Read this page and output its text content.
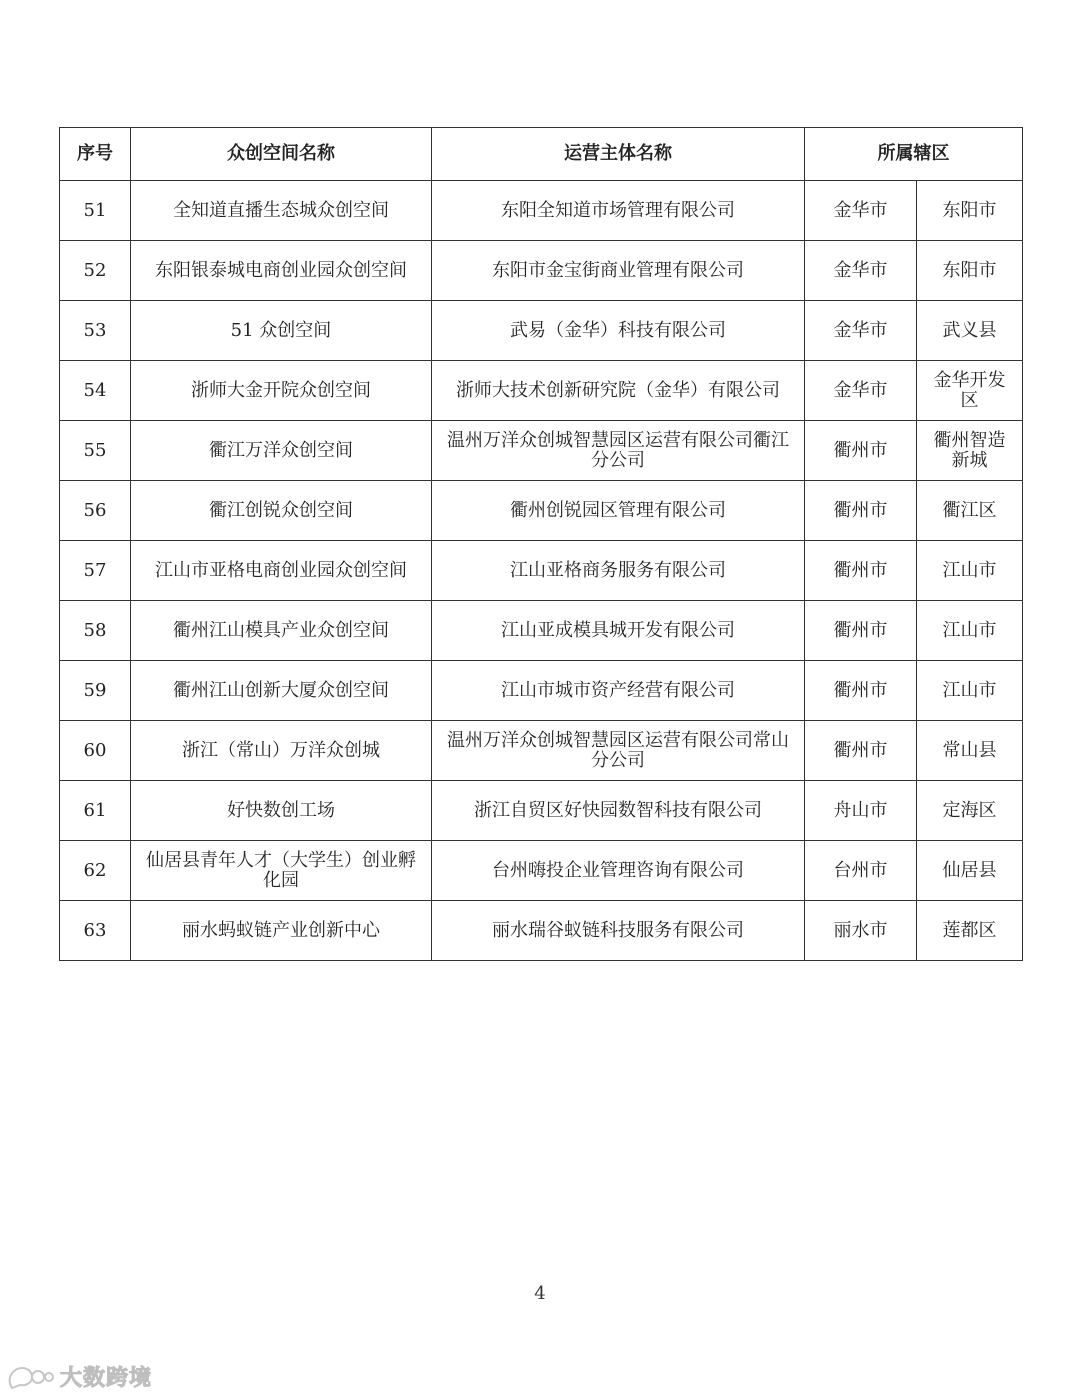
序号	众创空间名称	运营主体名称	所属辖区	
51	全知道直播生态城众创空间	东阳全知道市场管理有限公司	金华市	东阳市
52	东阳银泰城电商创业园众创空间	东阳市金宝街商业管理有限公司	金华市	东阳市
53	51 众创空间	武易（金华）科技有限公司	金华市	武义县
54	浙师大金开院众创空间	浙师大技术创新研究院（金华）有限公司	金华市	金华开发区
55	衢江万洋众创空间	温州万洋众创城智慧园区运营有限公司衢江分公司	衢州市	衢州智造新城
56	衢江创锐众创空间	衢州创锐园区管理有限公司	衢州市	衢江区
57	江山市亚格电商创业园众创空间	江山亚格商务服务有限公司	衢州市	江山市
58	衢州江山模具产业众创空间	江山亚成模具城开发有限公司	衢州市	江山市
59	衢州江山创新大厦众创空间	江山市城市资产经营有限公司	衢州市	江山市
60	浙江（常山）万洋众创城	温州万洋众创城智慧园区运营有限公司常山分公司	衢州市	常山县
61	好快数创工场	浙江自贸区好快园数智科技有限公司	舟山市	定海区
62	仙居县青年人才（大学生）创业孵化园	台州嗨投企业管理咨询有限公司	台州市	仙居县
63	丽水蚂蚁链产业创新中心	丽水瑞谷蚁链科技服务有限公司	丽水市	莲都区
4
大数跨境
